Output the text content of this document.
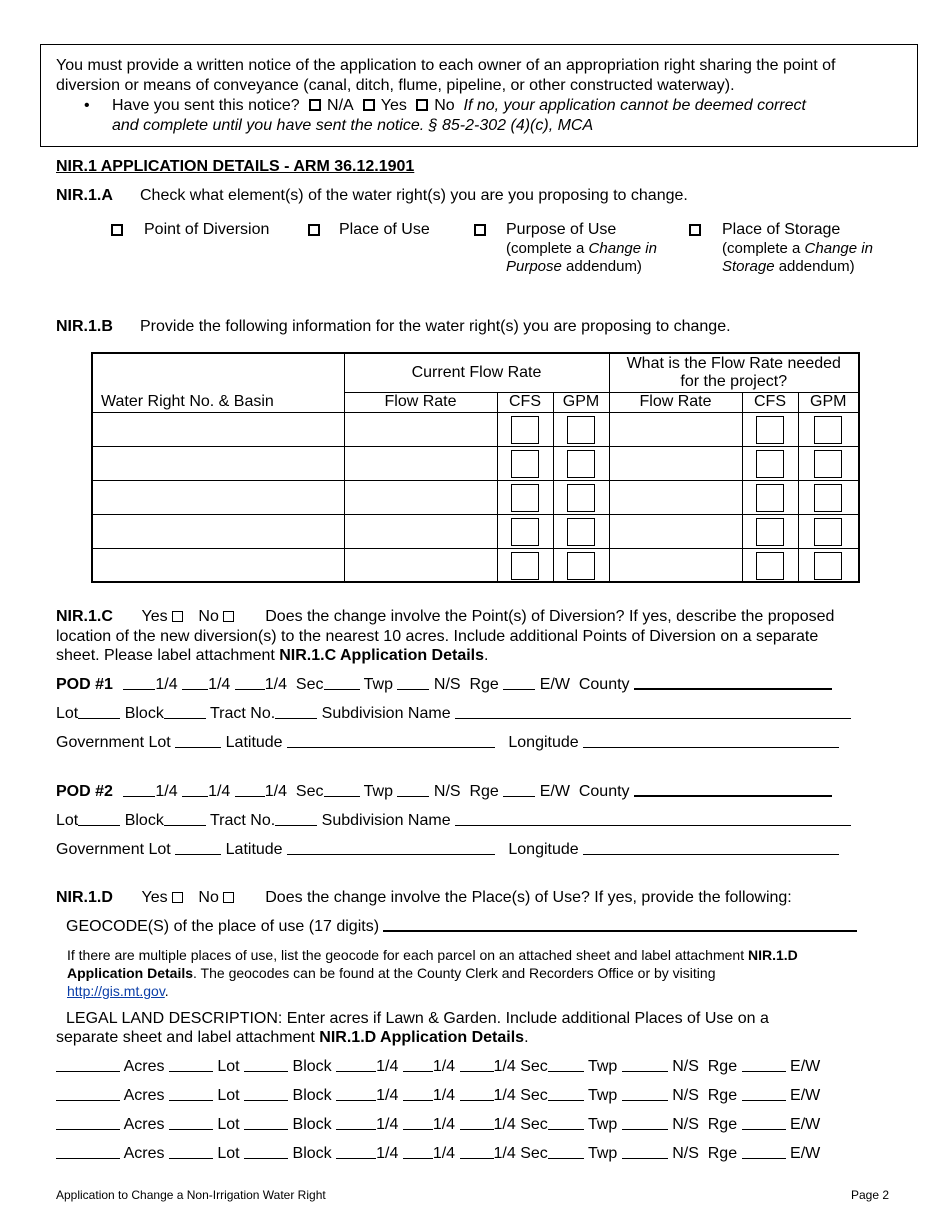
You must provide a written notice of the application to each owner of an appropriation right sharing the point of
diversion or means of conveyance (canal, ditch, flume, pipeline, or other constructed waterway).
• Have you sent this notice? N/A Yes No If no, your application cannot be deemed correct
and complete until you have sent the notice. § 85-2-302 (4)(c), MCA
NIR.1 APPLICATION DETAILS - ARM 36.12.1901
NIR.1.A Check what element(s) of the water right(s) you are you proposing to change.
Point of Diversion	Place of Use	Purpose of Use
(complete a Change in
Purpose addendum)
Place of Storage
(complete a Change in
Storage addendum)
NIR.1.B Provide the following information for the water right(s) you are proposing to change.
Water Right No. & Basin	Current Flow Rate			What is the Flow Rate needed for the project?		
	Flow Rate	CFS	GPM	Flow Rate	CFS	GPM

NIR.1.C Yes No	Does the change involve the Point(s) of Diversion? If yes, describe the proposed
location of the new diversion(s) to the nearest 10 acres. Include additional Points of Diversion on a separate
sheet. Please label attachment NIR.1.C Application Details.
POD #1	1/4 1/4 1/4 Sec	Twp	N/S Rge	E/W County
Lot	Block	Tract No.	Subdivision Name
Government Lot	Latitude	Longitude
POD #2	1/4 1/4 1/4 Sec	Twp	N/S Rge	E/W County
Lot	Block	Tract No.	Subdivision Name
Government Lot	Latitude	Longitude
NIR.1.D Yes No	Does the change involve the Place(s) of Use? If yes, provide the following:
GEOCODE(S) of the place of use (17 digits)
If there are multiple places of use, list the geocode for each parcel on an attached sheet and label attachment NIR.1.D
Application Details. The geocodes can be found at the County Clerk and Recorders Office or by visiting
http://gis.mt.gov.
LEGAL LAND DESCRIPTION: Enter acres if Lawn & Garden. Include additional Places of Use on a
separate sheet and label attachment NIR.1.D Application Details.
Acres	Lot	Block	1/4 1/4 1/4 Sec	Twp	N/S Rge	E/W
Acres	Lot	Block	1/4 1/4 1/4 Sec	Twp	N/S Rge	E/W
Acres	Lot	Block	1/4 1/4 1/4 Sec	Twp	N/S Rge	E/W
Acres	Lot	Block	1/4 1/4 1/4 Sec	Twp	N/S Rge	E/W
Application to Change a Non-Irrigation Water Right	Page 2
